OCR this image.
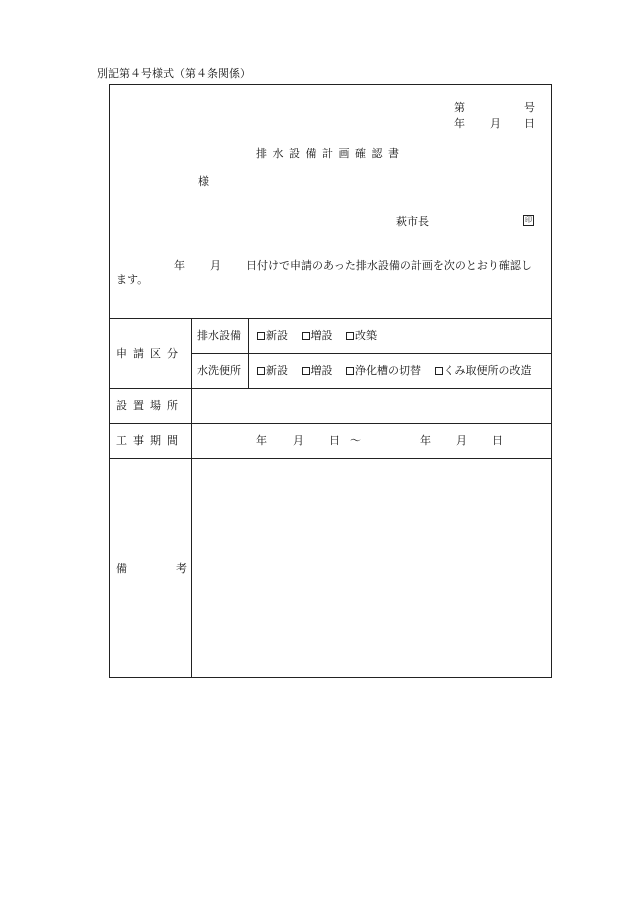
別記第４号様式（第４条関係）
第	号
年 月 日
排水設備計画確認書
様
萩市長	印
年 月 日付けで申請のあった排水設備の計画を次のとおり確認し
ます。
申請区分
排水設備	新設 増設 改築
水洗便所	新設 増設 浄化槽の切替 くみ取便所の改造
設置場所
工事期間	年 月 日 ～	年 月 日
備	考
